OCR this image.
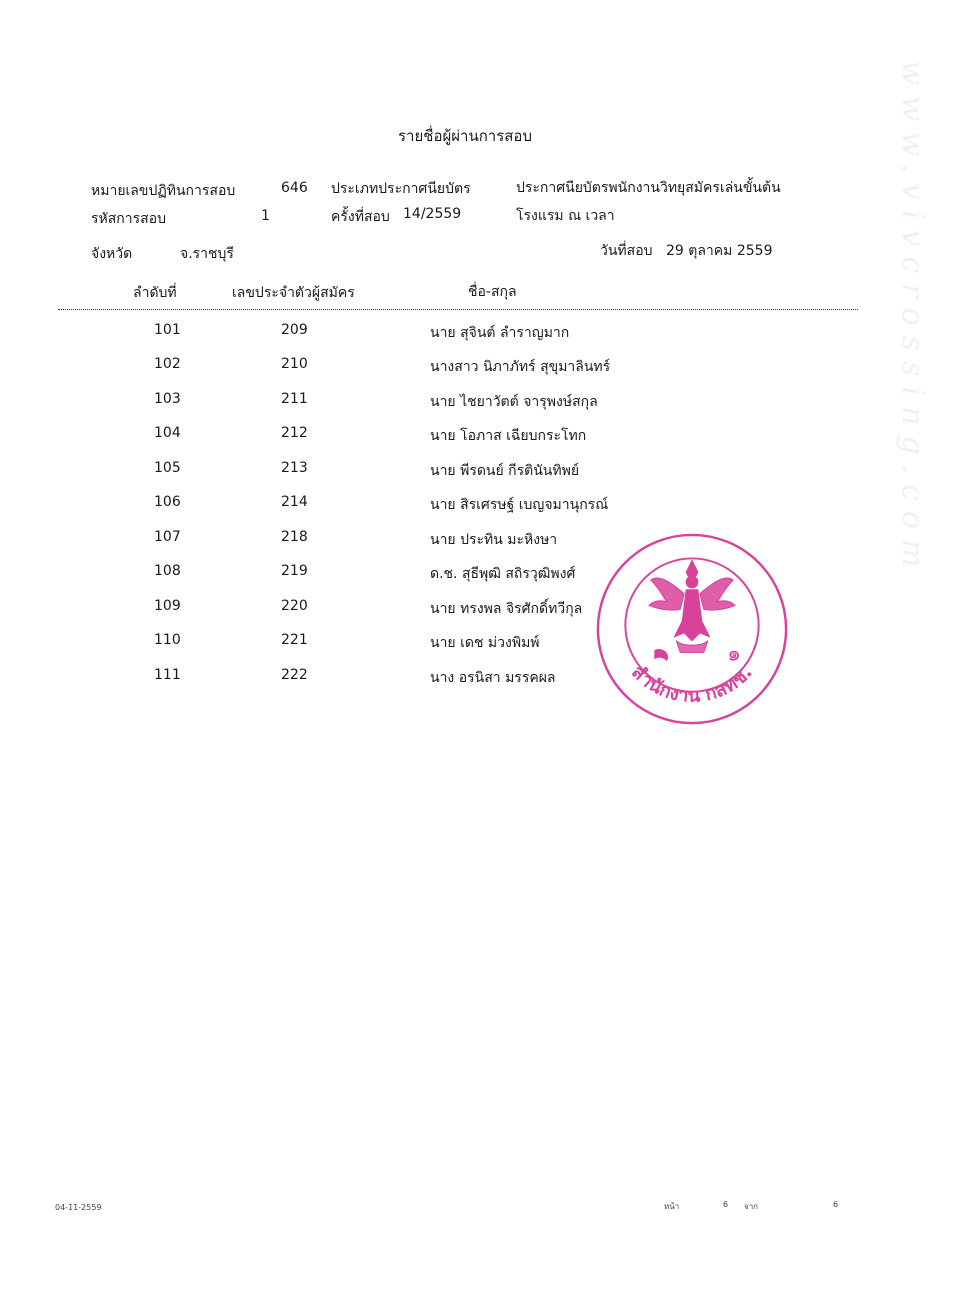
www.vivcrossing.com
รายชื่อผู้ผ่านการสอบ
หมายเลขปฏิทินการสอบ	646 ประเภทประกาศนียบัตร	ประกาศนียบัตรพนักงานวิทยุสมัครเล่นขั้นต้น
รหัสการสอบ	1	ครั้งที่สอบ 14/2559	โรงแรม ณ เวลา
จังหวัด	จ.ราชบุรี	วันที่สอบ 29 ตุลาคม 2559
ลำดับที่	เลขประจำตัวผู้สมัคร	ชื่อ-สกุล
101	209	นาย สุจินต์ ลำราญมาก
102	210	นางสาว นิภาภัทร์ สุขุมาลินทร์
103	211	นาย ไชยาวัตต์ จารุพงษ์สกุล
104	212	นาย โอภาส เฉียบกระโทก
105	213	นาย พีรดนย์ กีรตินันทิพย์
106	214	นาย สิรเศรษฐ์ เบญจมานุกรณ์
107	218	นาย ประทิน มะหิงษา
108	219	ด.ช. สุธีพุฒิ สถิรวุฒิพงศ์
109	220	นาย ทรงพล จิรศักดิ์ทวีกุล
110	221	นาย เดช ม่วงพิมพ์
111	222	นาง อรนิสา มรรคผล
๑
สำนักงาน กสทช.
04-11-2559	หน้า	6 จาก	6
